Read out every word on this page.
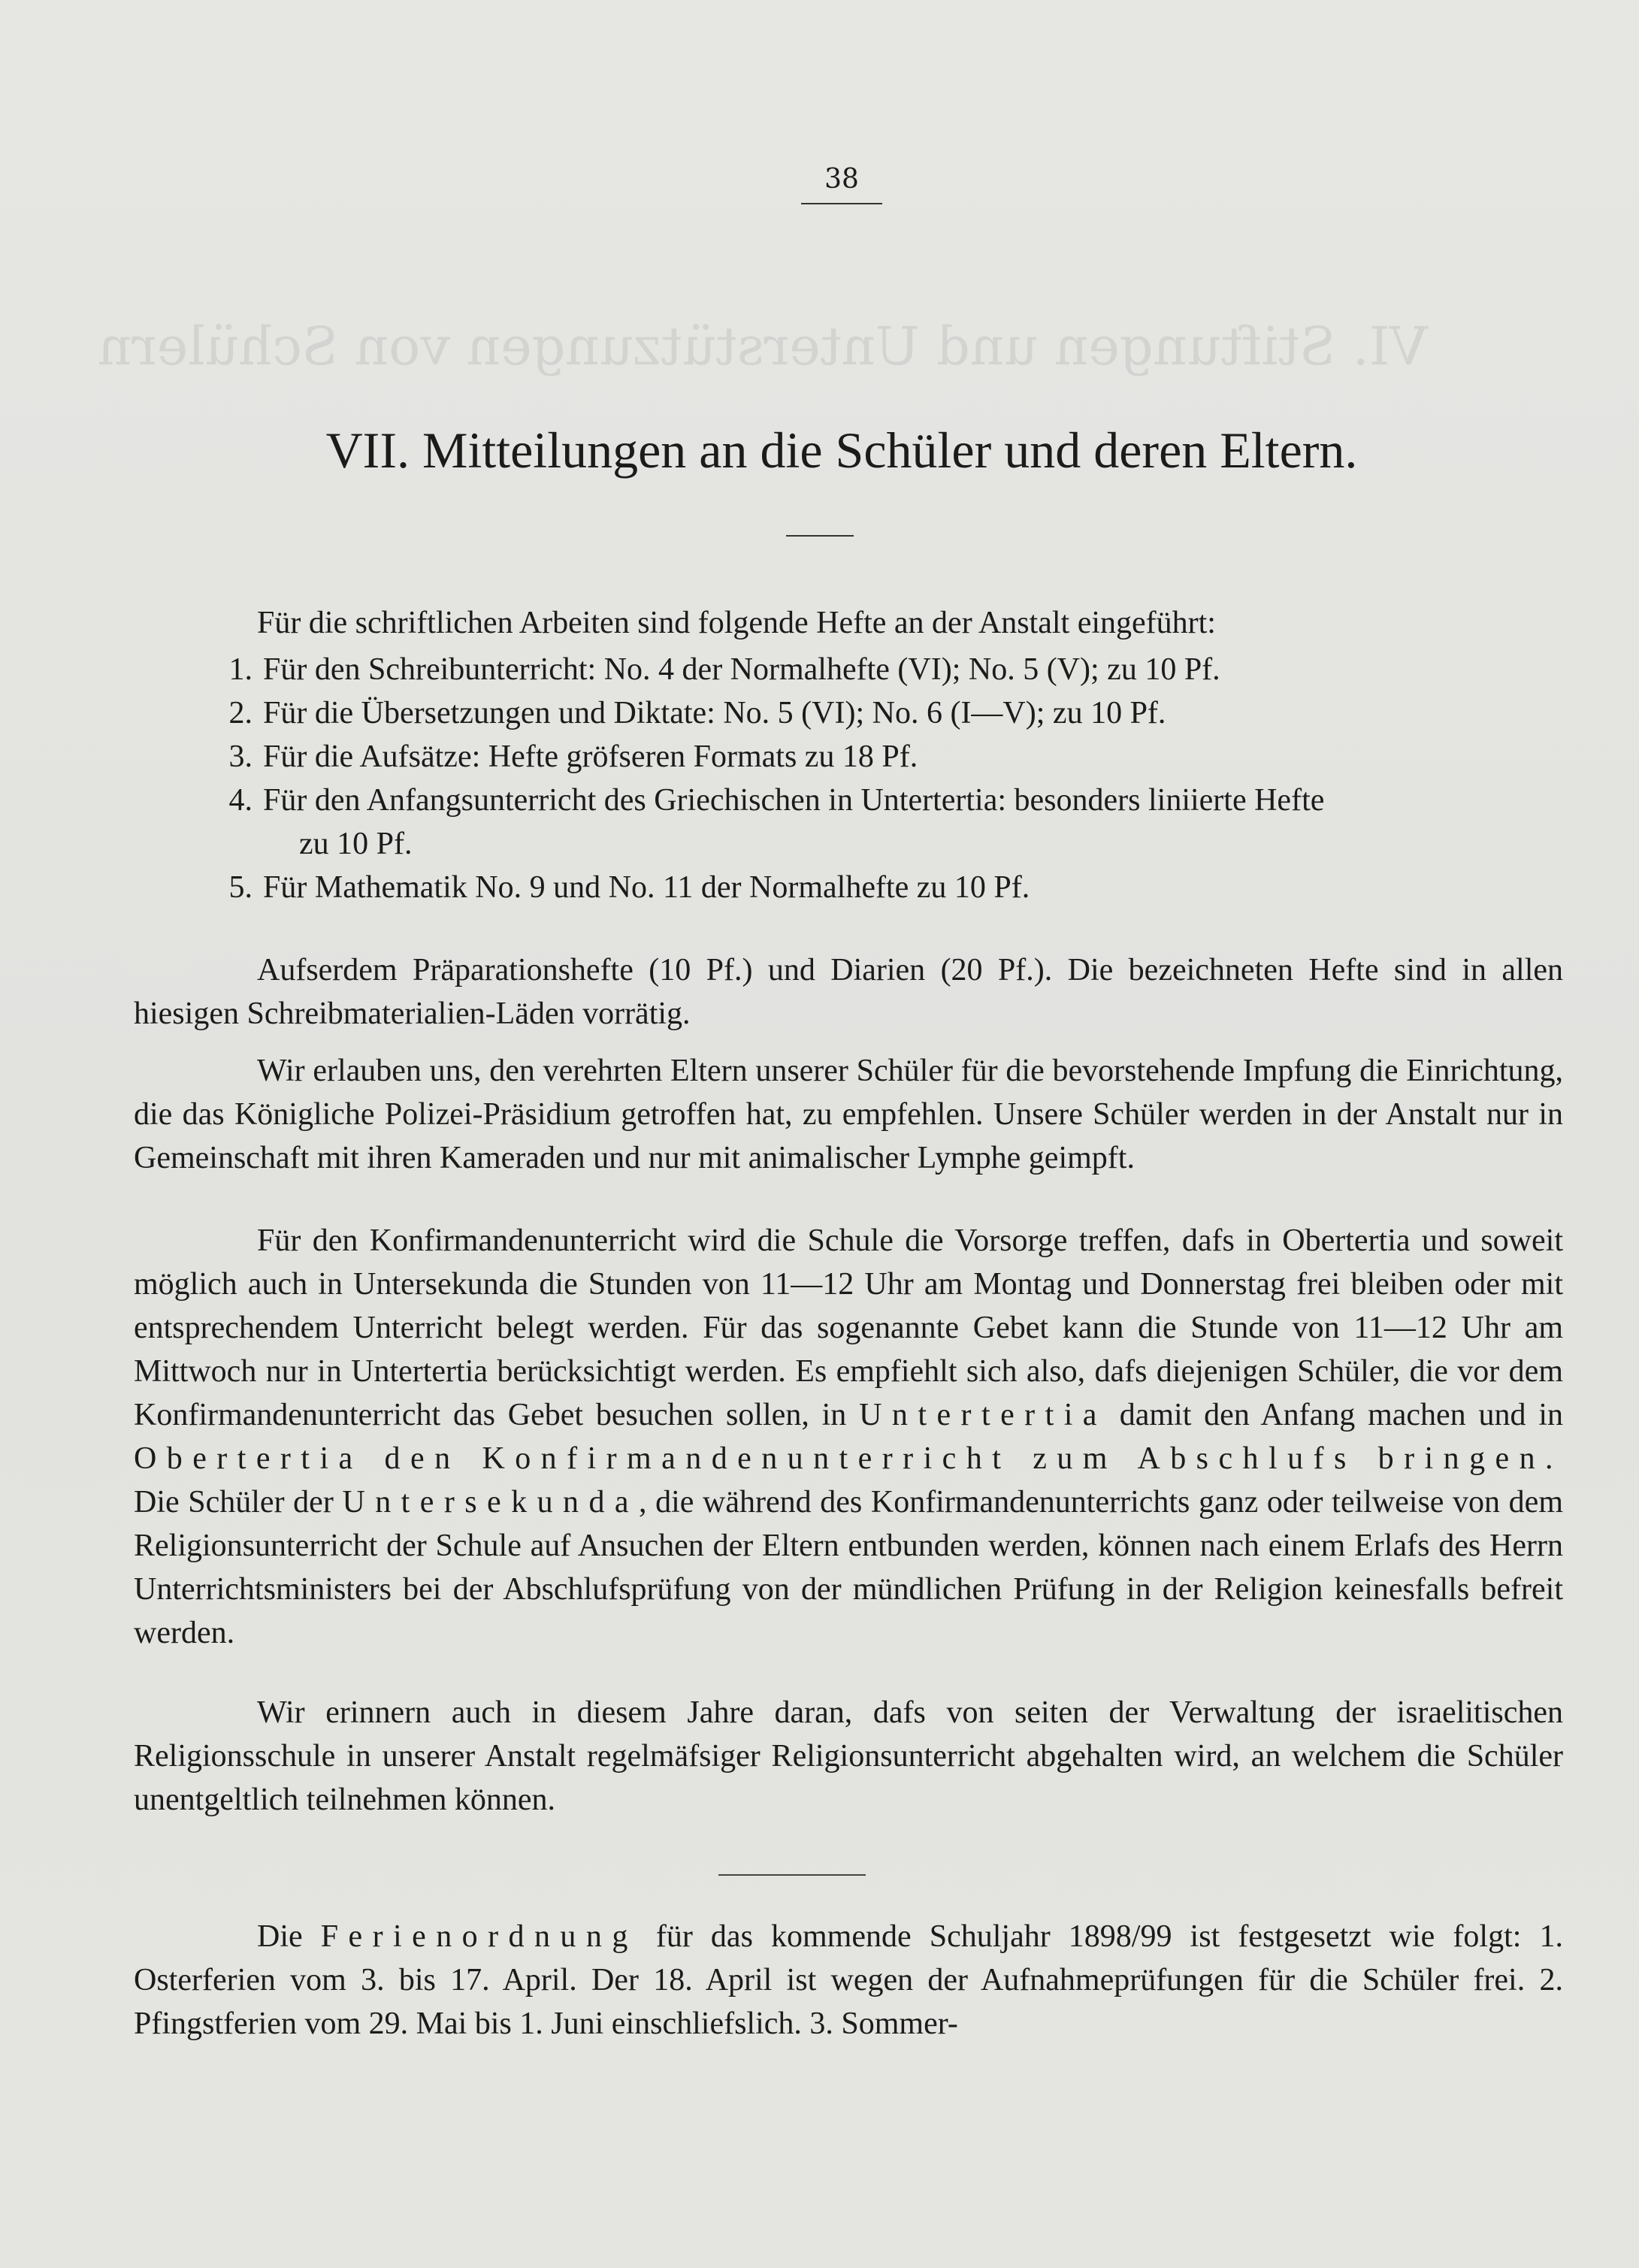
38
VI. Stiftungen und Unterstützungen von Schülern
VII. Mitteilungen an die Schüler und deren Eltern.

Für die schriftlichen Arbeiten sind folgende Hefte an der Anstalt eingeführt:

1. Für den Schreibunterricht: No. 4 der Normalhefte (VI); No. 5 (V); zu 10 Pf.
2. Für die Übersetzungen und Diktate: No. 5 (VI); No. 6 (I—V); zu 10 Pf.
3. Für die Aufsätze: Hefte gröfseren Formats zu 18 Pf.
4. Für den Anfangsunterricht des Griechischen in Untertertia: besonders liniierte Hefte
zu 10 Pf.
5. Für Mathematik No. 9 und No. 11 der Normalhefte zu 10 Pf.

Aufserdem Präparationshefte (10 Pf.) und Diarien (20 Pf.). Die bezeichneten Hefte sind in allen hiesigen Schreibmaterialien-Läden vorrätig.

Wir erlauben uns, den verehrten Eltern unserer Schüler für die bevorstehende Impfung die Einrichtung, die das Königliche Polizei-Präsidium getroffen hat, zu empfehlen. Unsere Schüler werden in der Anstalt nur in Gemeinschaft mit ihren Kameraden und nur mit animalischer Lymphe geimpft.

Für den Konfirmandenunterricht wird die Schule die Vorsorge treffen, dafs in Obertertia und soweit möglich auch in Untersekunda die Stunden von 11—12 Uhr am Montag und Donnerstag frei bleiben oder mit entsprechendem Unterricht belegt werden. Für das sogenannte Gebet kann die Stunde von 11—12 Uhr am Mittwoch nur in Untertertia berücksichtigt werden. Es empfiehlt sich also, dafs diejenigen Schüler, die vor dem Konfirmandenunterricht das Gebet besuchen sollen, in Untertertia damit den Anfang machen und in Obertertia den Konfirmandenunterricht zum Abschlufs bringen. Die Schüler der Untersekunda, die während des Konfirmandenunterrichts ganz oder teilweise von dem Religionsunterricht der Schule auf Ansuchen der Eltern entbunden werden, können nach einem Erlafs des Herrn Unterrichtsministers bei der Abschlufsprüfung von der mündlichen Prüfung in der Religion keinesfalls befreit werden.

Wir erinnern auch in diesem Jahre daran, dafs von seiten der Verwaltung der israelitischen Religionsschule in unserer Anstalt regelmäfsiger Religionsunterricht abgehalten wird, an welchem die Schüler unentgeltlich teilnehmen können.

Die Ferienordnung für das kommende Schuljahr 1898/99 ist festgesetzt wie folgt: 1. Osterferien vom 3. bis 17. April. Der 18. April ist wegen der Aufnahmeprüfungen für die Schüler frei. 2. Pfingstferien vom 29. Mai bis 1. Juni einschliefslich. 3. Sommer-
